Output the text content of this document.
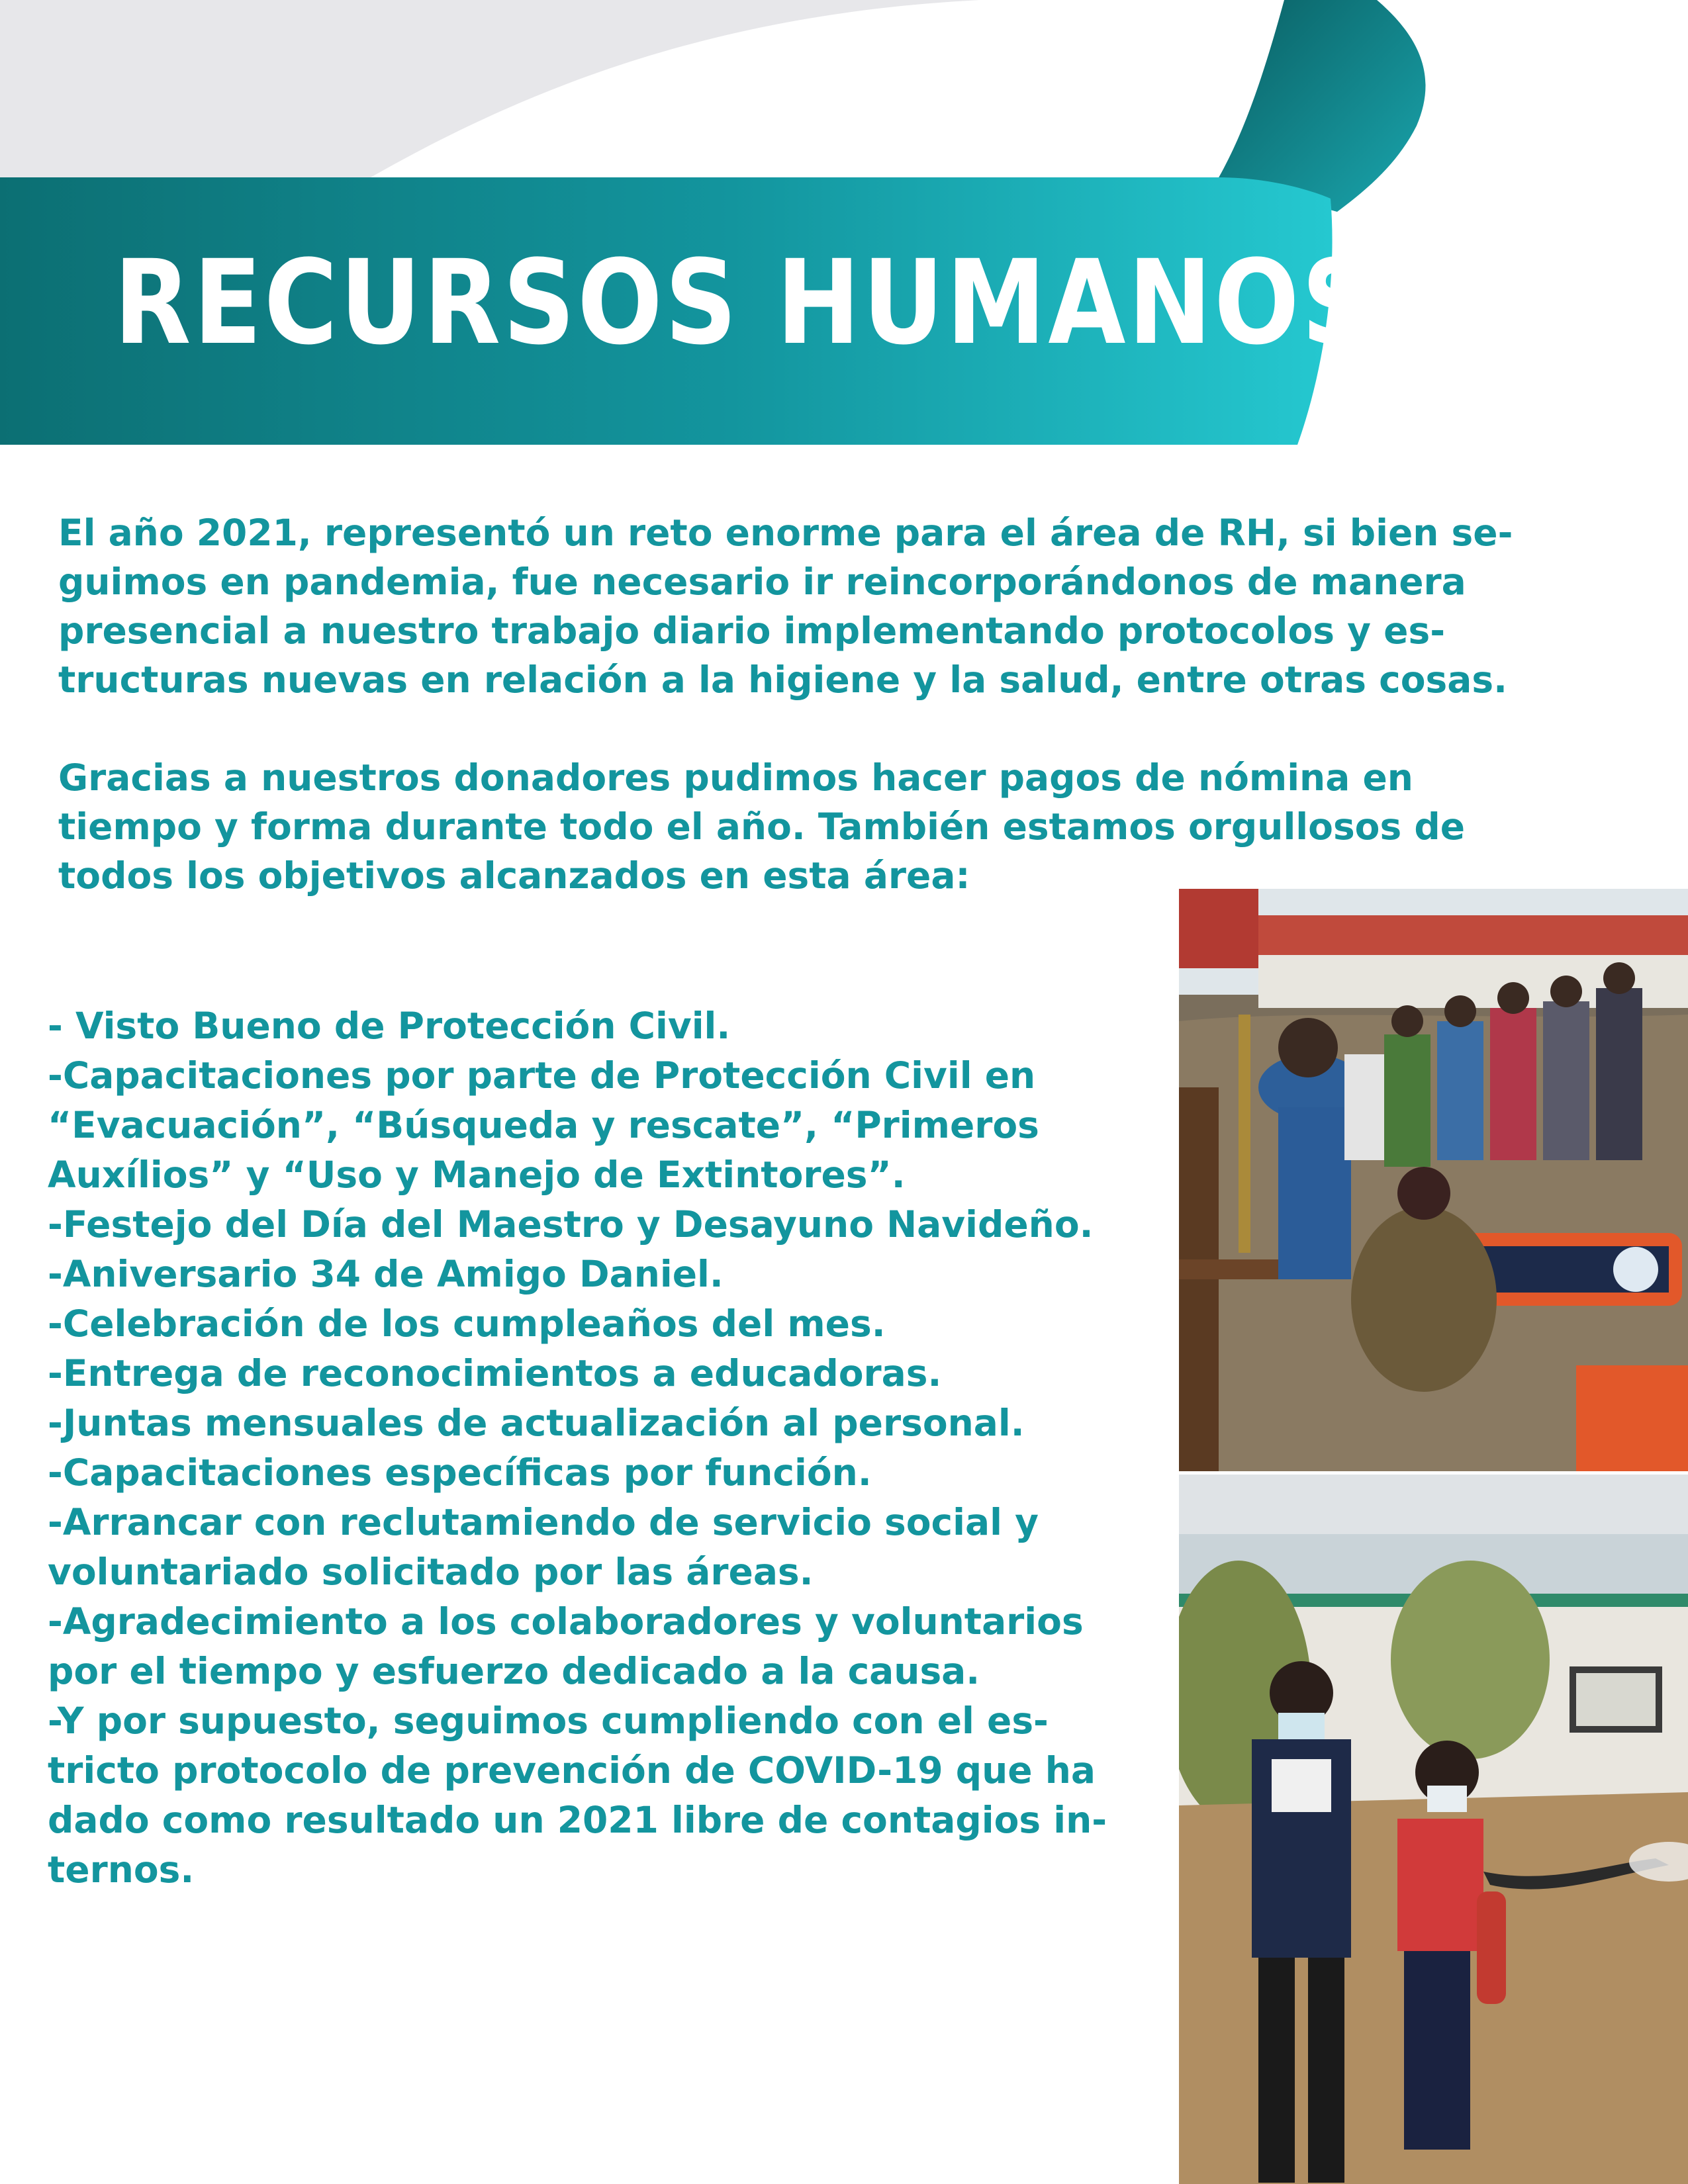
RECURSOS HUMANOS

El año 2021, representó un reto enorme para el área de RH, si bien se-
guimos en pandemia, fue necesario ir reincorporándonos de manera
presencial a nuestro trabajo diario implementando protocolos y es-
tructuras nuevas en relación a la higiene y la salud, entre otras cosas.

Gracias a nuestros donadores pudimos hacer pagos de nómina en
tiempo y forma durante todo el año. También estamos orgullosos de
todos los objetivos alcanzados en esta área:

- Visto Bueno de Protección Civil.
-Capacitaciones por parte de Protección Civil en
“Evacuación”, “Búsqueda y rescate”, “Primeros
Auxílios” y “Uso y Manejo de Extintores”.
-Festejo del Día del Maestro y Desayuno Navideño.
-Aniversario 34 de Amigo Daniel.
-Celebración de los cumpleaños del mes.
-Entrega de reconocimientos a educadoras.
-Juntas mensuales de actualización al personal.
-Capacitaciones específicas por función.
-Arrancar con reclutamiendo de servicio social y
voluntariado solicitado por las áreas.
-Agradecimiento a los colaboradores y voluntarios
por el tiempo y esfuerzo dedicado a la causa.
-Y por supuesto, seguimos cumpliendo con el es-
tricto protocolo de prevención de COVID-19 que ha
dado como resultado un 2021 libre de contagios in-
ternos.
